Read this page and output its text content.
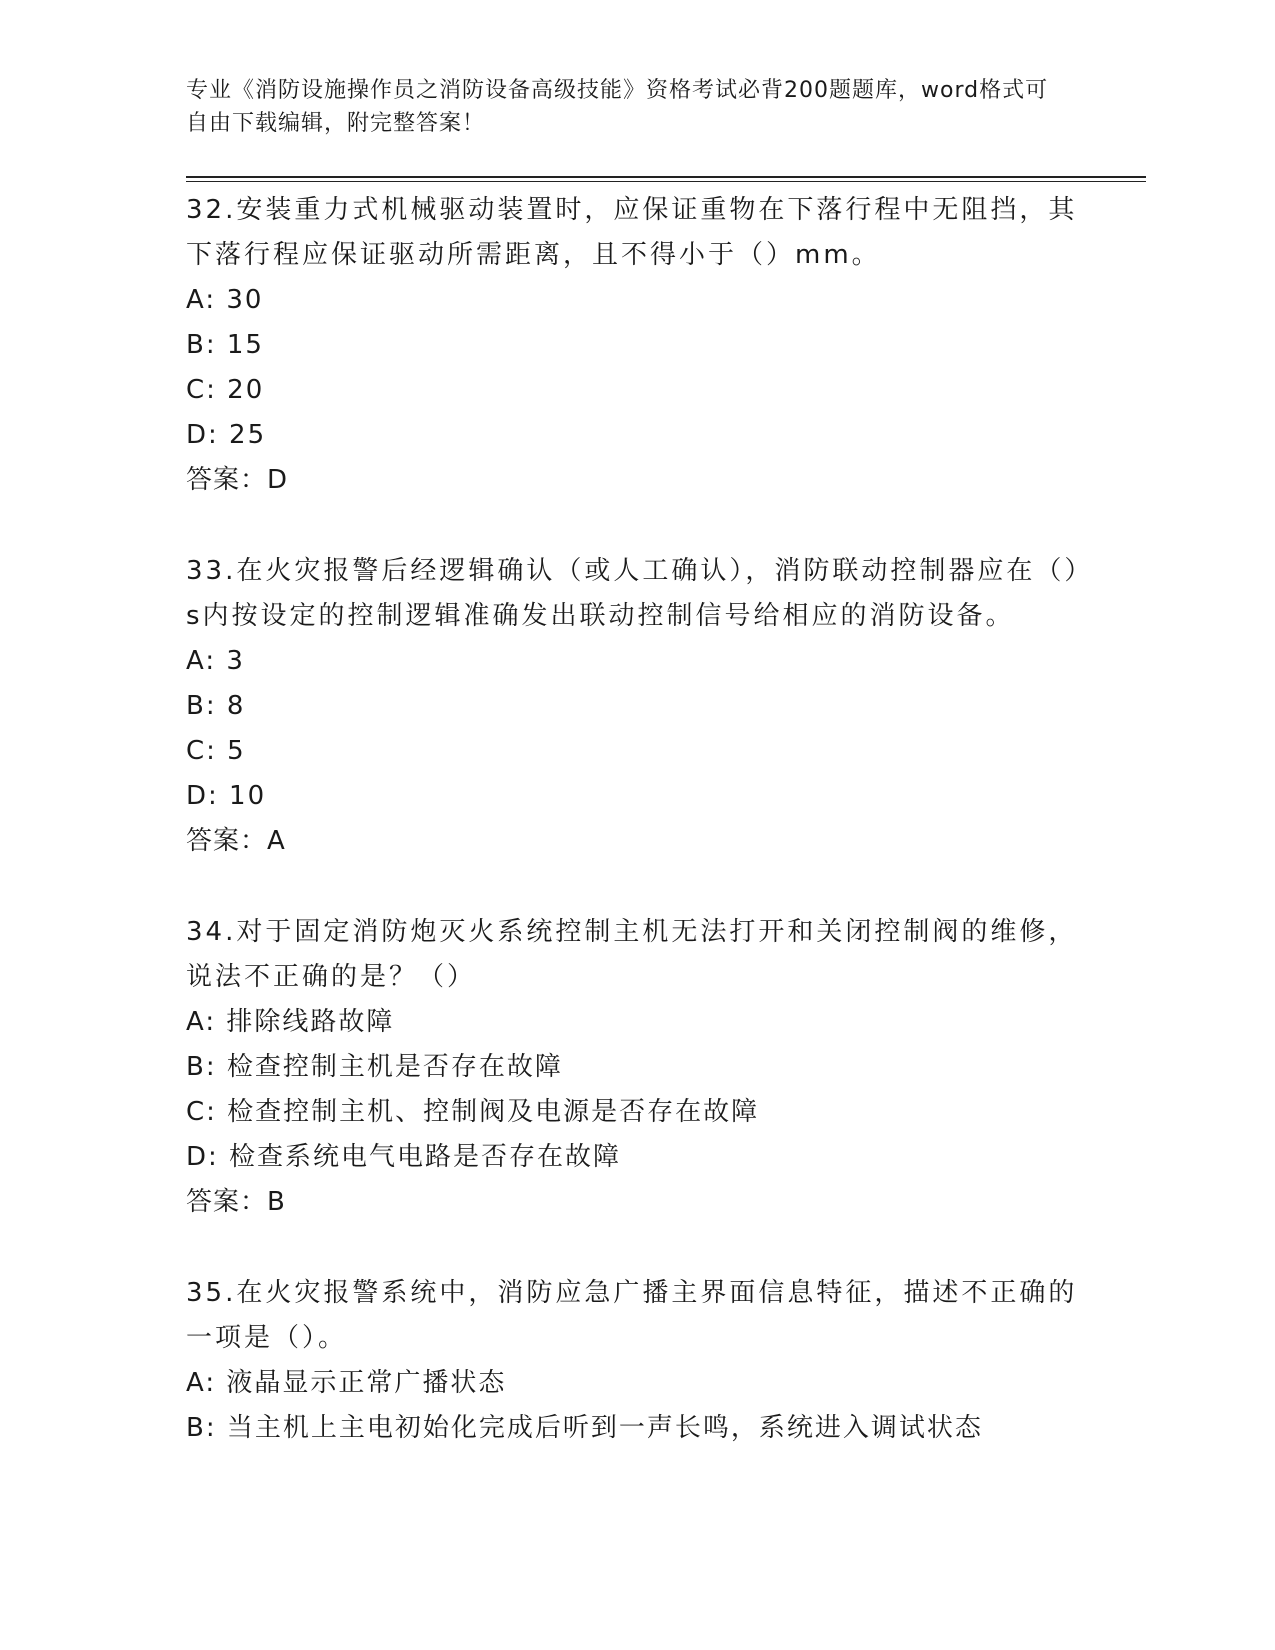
专业《消防设施操作员之消防设备高级技能》资格考试必背200题题库，word格式可自由下载编辑，附完整答案！

32.安装重力式机械驱动装置时，应保证重物在下落行程中无阻挡，其下落行程应保证驱动所需距离，且不得小于（）mm。

A: 30

B: 15

C: 20

D: 25

答案：D

33.在火灾报警后经逻辑确认（或人工确认），消防联动控制器应在（）s内按设定的控制逻辑准确发出联动控制信号给相应的消防设备。

A: 3

B: 8

C: 5

D: 10

答案：A

34.对于固定消防炮灭火系统控制主机无法打开和关闭控制阀的维修，说法不正确的是？（）

A: 排除线路故障

B: 检查控制主机是否存在故障

C: 检查控制主机、控制阀及电源是否存在故障

D: 检查系统电气电路是否存在故障

答案：B

35.在火灾报警系统中，消防应急广播主界面信息特征，描述不正确的一项是（）。

A: 液晶显示正常广播状态

B: 当主机上主电初始化完成后听到一声长鸣，系统进入调试状态
